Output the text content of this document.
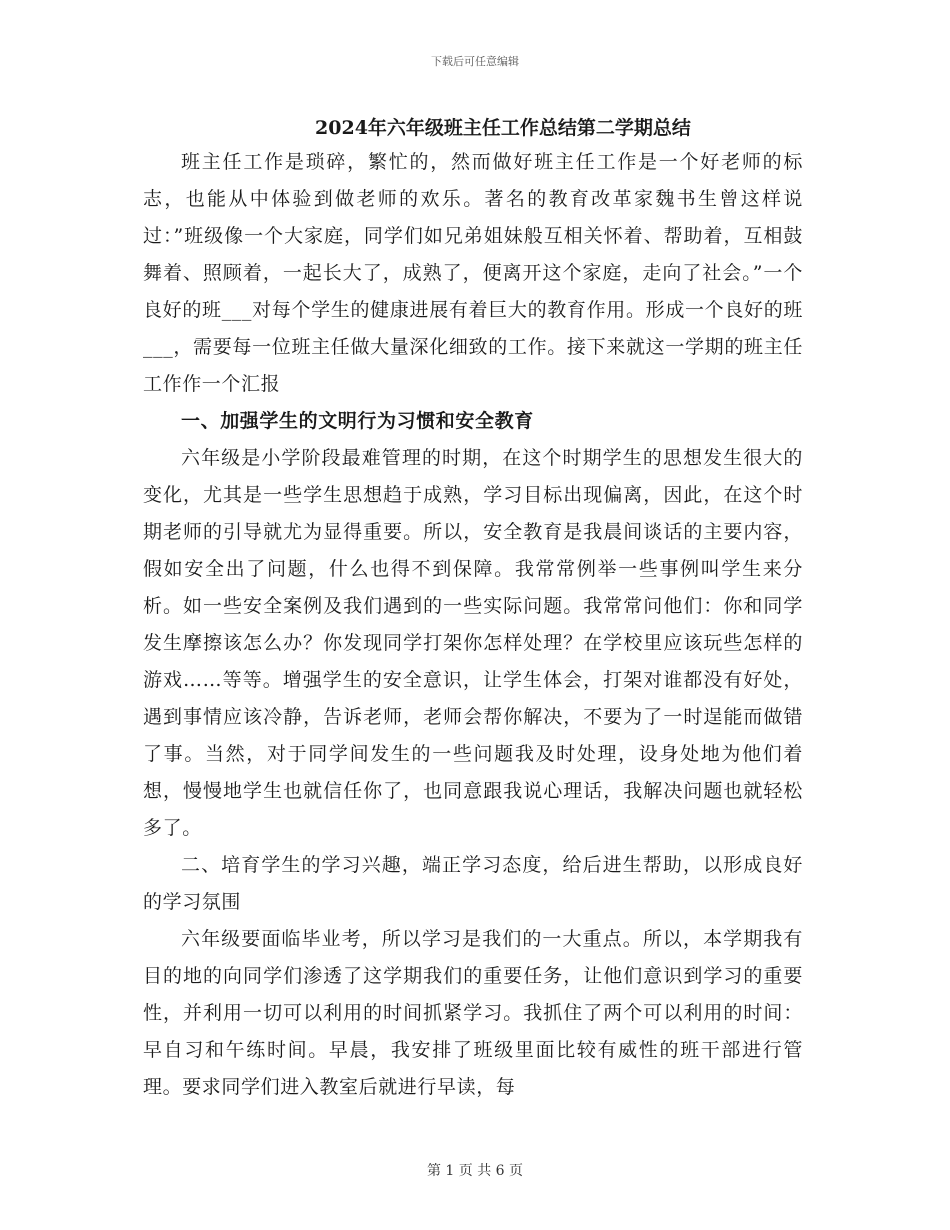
下载后可任意编辑
2024年六年级班主任工作总结第二学期总结

班主任工作是琐碎，繁忙的，然而做好班主任工作是一个好老师的标志，也能从中体验到做老师的欢乐。著名的教育改革家魏书生曾这样说过：”班级像一个大家庭，同学们如兄弟姐妹般互相关怀着、帮助着，互相鼓舞着、照顾着，一起长大了，成熟了，便离开这个家庭，走向了社会。”一个良好的班___对每个学生的健康进展有着巨大的教育作用。形成一个良好的班___，需要每一位班主任做大量深化细致的工作。接下来就这一学期的班主任工作作一个汇报

一、加强学生的文明行为习惯和安全教育

六年级是小学阶段最难管理的时期，在这个时期学生的思想发生很大的变化，尤其是一些学生思想趋于成熟，学习目标出现偏离，因此，在这个时期老师的引导就尤为显得重要。所以，安全教育是我晨间谈话的主要内容，假如安全出了问题，什么也得不到保障。我常常例举一些事例叫学生来分析。如一些安全案例及我们遇到的一些实际问题。我常常问他们：你和同学发生摩擦该怎么办？你发现同学打架你怎样处理？在学校里应该玩些怎样的游戏……等等。增强学生的安全意识，让学生体会，打架对谁都没有好处，遇到事情应该冷静，告诉老师，老师会帮你解决，不要为了一时逞能而做错了事。当然，对于同学间发生的一些问题我及时处理，设身处地为他们着想，慢慢地学生也就信任你了，也同意跟我说心理话，我解决问题也就轻松多了。

二、培育学生的学习兴趣，端正学习态度，给后进生帮助，以形成良好的学习氛围

六年级要面临毕业考，所以学习是我们的一大重点。所以，本学期我有目的地的向同学们渗透了这学期我们的重要任务，让他们意识到学习的重要性，并利用一切可以利用的时间抓紧学习。我抓住了两个可以利用的时间：早自习和午练时间。早晨，我安排了班级里面比较有威性的班干部进行管理。要求同学们进入教室后就进行早读，每

第 1 页 共 6 页
